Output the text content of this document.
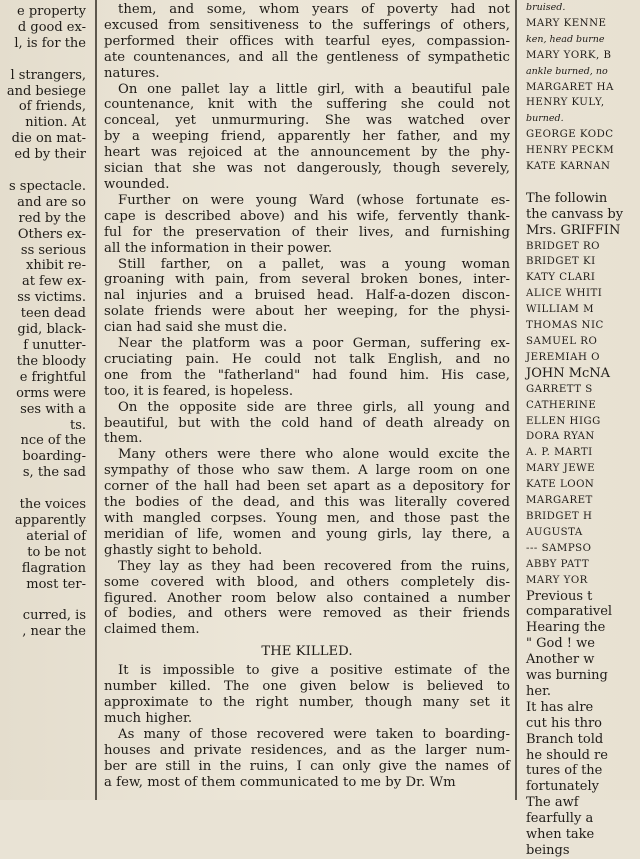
e property
d good ex-
l, is for the
l strangers,
and besiege
of friends,
nition. At
die on mat-
ed by their
s spectacle.
and are so
red by the
Others ex-
ss serious
xhibit re-
at few ex-
ss victims.
teen dead
gid, black-
f unutter-
the bloody
e frightful
orms were
ses with a
ts.
nce of the
boarding-
s, the sad
the voices
apparently
aterial of
to be not
flagration
most ter-
curred, is
, near the
them, and some, whom years of poverty had not
excused from sensitiveness to the sufferings of others,
performed their offices with tearful eyes, compassion-
ate countenances, and all the gentleness of sympathetic
natures.
On one pallet lay a little girl, with a beautiful pale
countenance, knit with the suffering she could not
conceal, yet unmurmuring. She was watched over
by a weeping friend, apparently her father, and my
heart was rejoiced at the announcement by the phy-
sician that she was not dangerously, though severely,
wounded.
Further on were young Ward (whose fortunate es-
cape is described above) and his wife, fervently thank-
ful for the preservation of their lives, and furnishing
all the information in their power.
Still farther, on a pallet, was a young woman
groaning with pain, from several broken bones, inter-
nal injuries and a bruised head. Half-a-dozen discon-
solate friends were about her weeping, for the physi-
cian had said she must die.
Near the platform was a poor German, suffering ex-
cruciating pain. He could not talk English, and no
one from the "fatherland" had found him. His case,
too, it is feared, is hopeless.
On the opposite side are three girls, all young and
beautiful, but with the cold hand of death already on
them.
Many others were there who alone would excite the
sympathy of those who saw them. A large room on one
corner of the hall had been set apart as a depository for
the bodies of the dead, and this was literally covered
with mangled corpses. Young men, and those past the
meridian of life, women and young girls, lay there, a
ghastly sight to behold.
They lay as they had been recovered from the ruins,
some covered with blood, and others completely dis-
figured. Another room below also contained a number
of bodies, and others were removed as their friends
claimed them.
THE KILLED.
It is impossible to give a positive estimate of the
number killed. The one given below is believed to
approximate to the right number, though many set it
much higher.
As many of those recovered were taken to boarding-
houses and private residences, and as the larger num-
ber are still in the ruins, I can only give the names of
a few, most of them communicated to me by Dr. Wm
bruised.
MARY KENNE
ken, head burne
MARY YORK, B
ankle burned, no
MARGARET HA
HENRY KULY,
burned.
GEORGE KODC
HENRY PECKM
KATE KARNAN
The followin
the canvass by
Mrs. GRIFFIN
BRIDGET RO
BRIDGET KI
KATY CLARI
ALICE WHITI
WILLIAM M
THOMAS NIC
SAMUEL RO
JEREMIAH O
JOHN McNA
GARRETT S
CATHERINE
ELLEN HIGG
DORA RYAN
A. P. MARTI
MARY JEWE
KATE LOON
MARGARET
BRIDGET H
AUGUSTA
--- SAMPSO
ABBY PATT
MARY YOR
Previous t
comparativel
Hearing the
" God ! we
Another w
was burning
her.
It has alre
cut his thro
Branch told
he should re
tures of the
fortunately
The awf
fearfully a
when take
beings
